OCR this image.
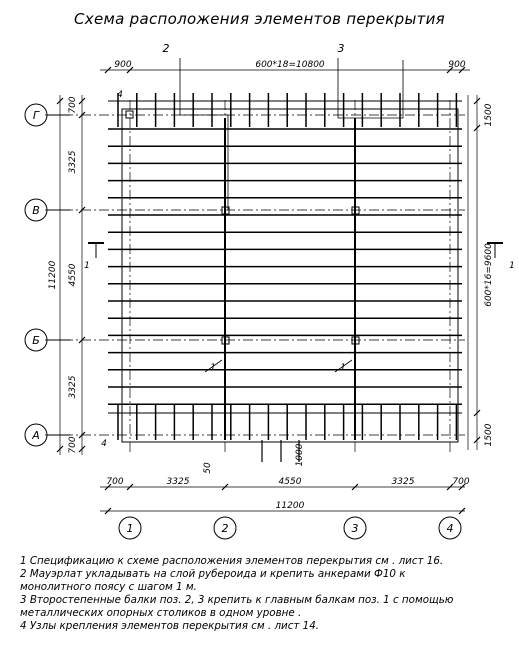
Схема расположения элементов перекрытия
Г
В
Б
А
1	2	3	4
900	600*18=10800	900
700	3325	4550	3325	700
11200
2	3
4
4
1	1
1	1
700
3325
4550
3325
700
11200
1500
600*16=9600
1500
50
1000
1 Спецификацию к схеме расположения элементов перекрытия см . лист 16.
2 Мауэрлат укладывать на слой рубероида и крепить анкерами Ф10 к
монолитного поясу с шагом 1 м.
3 Второстепенные балки поз. 2, 3 крепить к главным балкам поз. 1 с помощью
металлических опорных столиков в одном уровне .
4 Узлы крепления элементов перекрытия см . лист 14.
